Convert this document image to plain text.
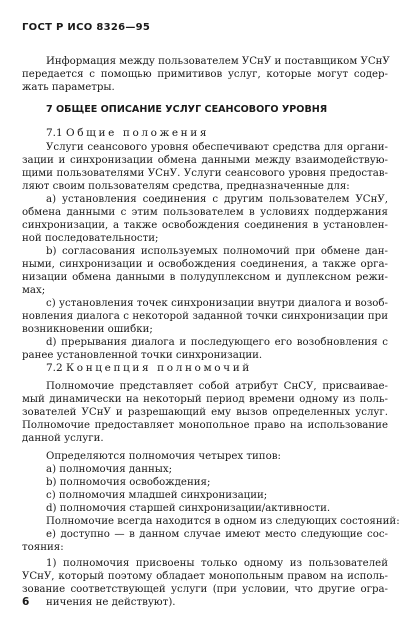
ГОСТ Р ИСО 8326—95
Информация между пользователем УСнУ и поставщиком УСнУ
передается с помощью примитивов услуг, которые могут содер-
жать параметры.
7 ОБЩЕЕ ОПИСАНИЕ УСЛУГ СЕАНСОВОГО УРОВНЯ
7.1 Общие положения
Услуги сеансового уровня обеспечивают средства для органи-
зации и синхронизации обмена данными между взаимодействую-
щими пользователями УСнУ. Услуги сеансового уровня предостав-
ляют своим пользователям средства, предназначенные для:
а) установления соединения с другим пользователем УСнУ,
обмена данными с этим пользователем в условиях поддержания
синхронизации, а также освобождения соединения в установлен-
ной последовательности;
b) согласования используемых полномочий при обмене дан-
ными, синхронизации и освобождения соединения, а также орга-
низации обмена данными в полудуплексном и дуплексном режи-
мах;
с) установления точек синхронизации внутри диалога и возоб-
новления диалога с некоторой заданной точки синхронизации при
возникновении ошибки;
d) прерывания диалога и последующего его возобновления с
ранее установленной точки синхронизации.
7.2 Концепция полномочий
Полномочие представляет собой атрибут СнСУ, присваивае-
мый динамически на некоторый период времени одному из поль-
зователей УСнУ и разрешающий ему вызов определенных услуг.
Полномочие предоставляет монопольное право на использование
данной услуги.
Определяются полномочия четырех типов:
а) полномочия данных;
b) полномочия освобождения;
с) полномочия младшей синхронизации;
d) полномочия старшей синхронизации/активности.
Полномочие всегда находится в одном из следующих состояний:
е) доступно — в данном случае имеют место следующие сос-
тояния:
1) полномочия присвоены только одному из пользователей
УСнУ, который поэтому обладает монопольным правом на исполь-
зование соответствующей услуги (при условии, что другие огра-
ничения не действуют).
6
